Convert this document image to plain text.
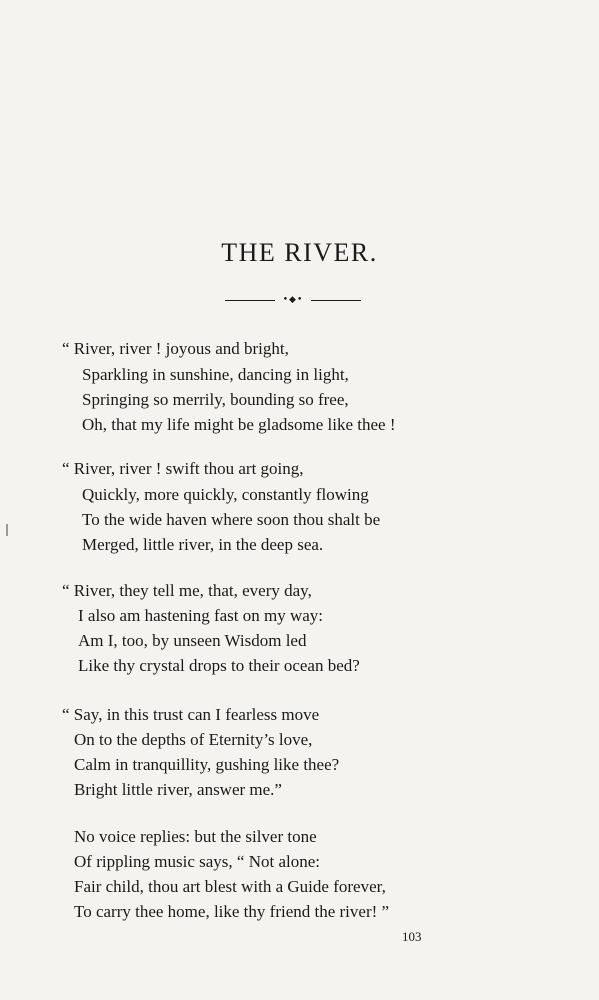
THE RIVER.
•◆•
“ River, river ! joyous and bright,
Sparkling in sunshine, dancing in light,
Springing so merrily, bounding so free,
Oh, that my life might be gladsome like thee !
“ River, river ! swift thou art going,
Quickly, more quickly, constantly flowing
To the wide haven where soon thou shalt be
Merged, little river, in the deep sea.
“ River, they tell me, that, every day,
I also am hastening fast on my way:
Am I, too, by unseen Wisdom led
Like thy crystal drops to their ocean bed?
“ Say, in this trust can I fearless move
On to the depths of Eternity’s love,
Calm in tranquillity, gushing like thee?
Bright little river, answer me.”
No voice replies: but the silver tone
Of rippling music says, “ Not alone:
Fair child, thou art blest with a Guide forever,
To carry thee home, like thy friend the river! ”
103
